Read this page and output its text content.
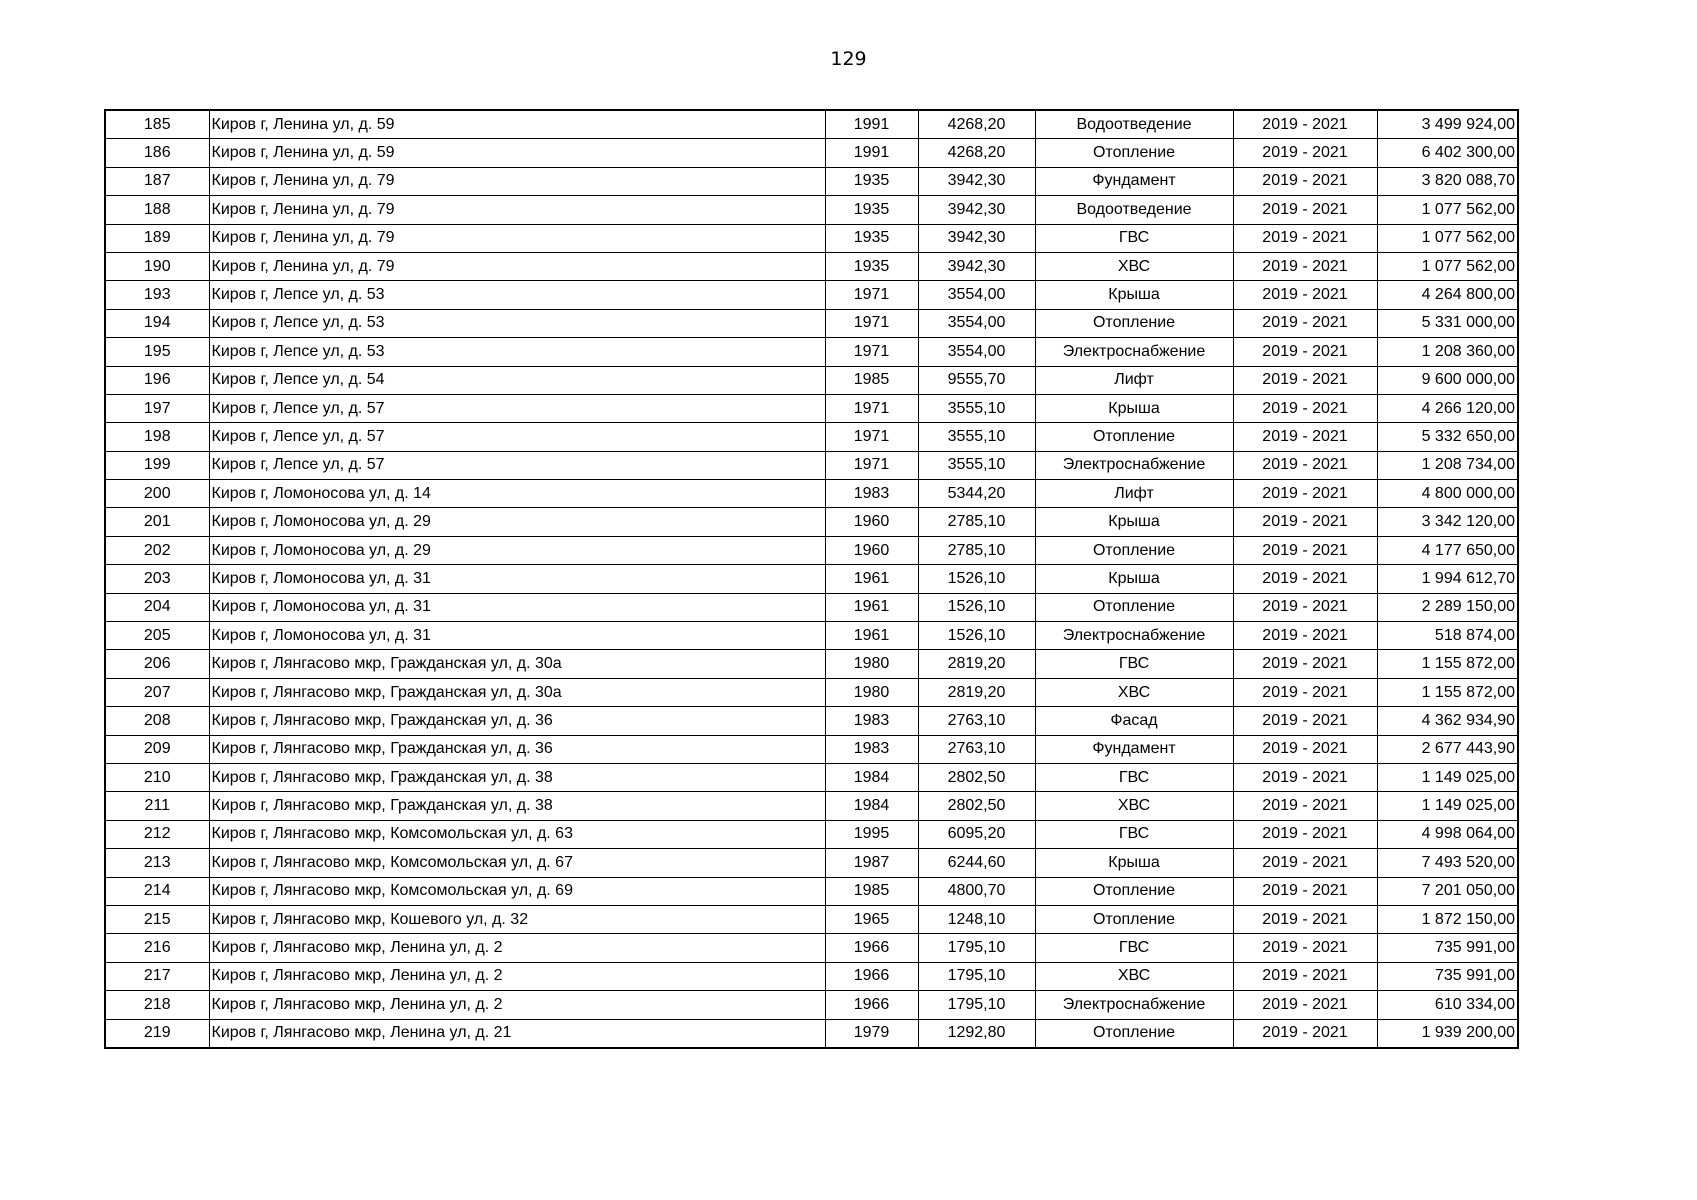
129
185	Киров г, Ленина ул, д. 59	1991	4268,20	Водоотведение	2019 - 2021	3 499 924,00
186	Киров г, Ленина ул, д. 59	1991	4268,20	Отопление	2019 - 2021	6 402 300,00
187	Киров г, Ленина ул, д. 79	1935	3942,30	Фундамент	2019 - 2021	3 820 088,70
188	Киров г, Ленина ул, д. 79	1935	3942,30	Водоотведение	2019 - 2021	1 077 562,00
189	Киров г, Ленина ул, д. 79	1935	3942,30	ГВС	2019 - 2021	1 077 562,00
190	Киров г, Ленина ул, д. 79	1935	3942,30	ХВС	2019 - 2021	1 077 562,00
193	Киров г, Лепсе ул, д. 53	1971	3554,00	Крыша	2019 - 2021	4 264 800,00
194	Киров г, Лепсе ул, д. 53	1971	3554,00	Отопление	2019 - 2021	5 331 000,00
195	Киров г, Лепсе ул, д. 53	1971	3554,00	Электроснабжение	2019 - 2021	1 208 360,00
196	Киров г, Лепсе ул, д. 54	1985	9555,70	Лифт	2019 - 2021	9 600 000,00
197	Киров г, Лепсе ул, д. 57	1971	3555,10	Крыша	2019 - 2021	4 266 120,00
198	Киров г, Лепсе ул, д. 57	1971	3555,10	Отопление	2019 - 2021	5 332 650,00
199	Киров г, Лепсе ул, д. 57	1971	3555,10	Электроснабжение	2019 - 2021	1 208 734,00
200	Киров г, Ломоносова ул, д. 14	1983	5344,20	Лифт	2019 - 2021	4 800 000,00
201	Киров г, Ломоносова ул, д. 29	1960	2785,10	Крыша	2019 - 2021	3 342 120,00
202	Киров г, Ломоносова ул, д. 29	1960	2785,10	Отопление	2019 - 2021	4 177 650,00
203	Киров г, Ломоносова ул, д. 31	1961	1526,10	Крыша	2019 - 2021	1 994 612,70
204	Киров г, Ломоносова ул, д. 31	1961	1526,10	Отопление	2019 - 2021	2 289 150,00
205	Киров г, Ломоносова ул, д. 31	1961	1526,10	Электроснабжение	2019 - 2021	518 874,00
206	Киров г, Лянгасово мкр, Гражданская ул, д. 30а	1980	2819,20	ГВС	2019 - 2021	1 155 872,00
207	Киров г, Лянгасово мкр, Гражданская ул, д. 30а	1980	2819,20	ХВС	2019 - 2021	1 155 872,00
208	Киров г, Лянгасово мкр, Гражданская ул, д. 36	1983	2763,10	Фасад	2019 - 2021	4 362 934,90
209	Киров г, Лянгасово мкр, Гражданская ул, д. 36	1983	2763,10	Фундамент	2019 - 2021	2 677 443,90
210	Киров г, Лянгасово мкр, Гражданская ул, д. 38	1984	2802,50	ГВС	2019 - 2021	1 149 025,00
211	Киров г, Лянгасово мкр, Гражданская ул, д. 38	1984	2802,50	ХВС	2019 - 2021	1 149 025,00
212	Киров г, Лянгасово мкр, Комсомольская ул, д. 63	1995	6095,20	ГВС	2019 - 2021	4 998 064,00
213	Киров г, Лянгасово мкр, Комсомольская ул, д. 67	1987	6244,60	Крыша	2019 - 2021	7 493 520,00
214	Киров г, Лянгасово мкр, Комсомольская ул, д. 69	1985	4800,70	Отопление	2019 - 2021	7 201 050,00
215	Киров г, Лянгасово мкр, Кошевого ул, д. 32	1965	1248,10	Отопление	2019 - 2021	1 872 150,00
216	Киров г, Лянгасово мкр, Ленина ул, д. 2	1966	1795,10	ГВС	2019 - 2021	735 991,00
217	Киров г, Лянгасово мкр, Ленина ул, д. 2	1966	1795,10	ХВС	2019 - 2021	735 991,00
218	Киров г, Лянгасово мкр, Ленина ул, д. 2	1966	1795,10	Электроснабжение	2019 - 2021	610 334,00
219	Киров г, Лянгасово мкр, Ленина ул, д. 21	1979	1292,80	Отопление	2019 - 2021	1 939 200,00
